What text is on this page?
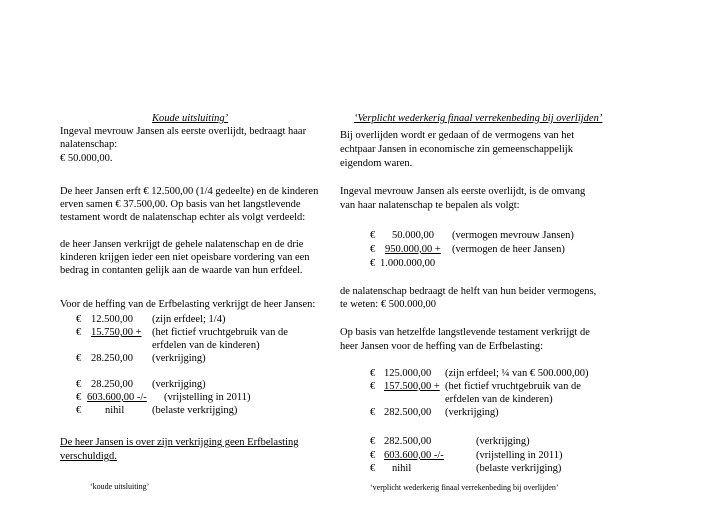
Koude uitsluiting’
Ingeval mevrouw Jansen als eerste overlijdt, bedraagt haar
nalatenschap:
€ 50.000,00.
De heer Jansen erft € 12.500,00 (1/4 gedeelte) en de kinderen
erven samen € 37.500,00. Op basis van het langstlevende
testament wordt de nalatenschap echter als volgt verdeeld:
de heer Jansen verkrijgt de gehele nalatenschap en de drie
kinderen krijgen ieder een niet opeisbare vordering van een
bedrag in contanten gelijk aan de waarde van hun erfdeel.
Voor de heffing van de Erfbelasting verkrijgt de heer Jansen:
€ 12.500,00 (zijn erfdeel; 1/4)
€ 15.750,00 + (het fictief vruchtgebruik van de
erfdelen van de kinderen)
€ 28.250,00 (verkrijging)
€ 28.250,00 (verkrijging)
€ 603.600,00 -/- (vrijstelling in 2011)
€ nihil	(belaste verkrijging)
De heer Jansen is over zijn verkrijging geen Erfbelasting
verschuldigd.
‘koude uitsluiting’
‘Verplicht wederkerig finaal verrekenbeding bij overlijden’
Bij overlijden wordt er gedaan of de vermogens van het
echtpaar Jansen in economische zin gemeenschappelijk
eigendom waren.
Ingeval mevrouw Jansen als eerste overlijdt, is de omvang
van haar nalatenschap te bepalen als volgt:
€ 50.000,00 (vermogen mevrouw Jansen)
€ 950.000,00 + (vermogen de heer Jansen)
€ 1.000.000,00
de nalatenschap bedraagt de helft van hun beider vermogens,
te weten: € 500.000,00
Op basis van hetzelfde langstlevende testament verkrijgt de
heer Jansen voor de heffing van de Erfbelasting:
€ 125.000,00 (zijn erfdeel; ¼ van € 500.000,00)
€ 157.500,00 + (het fictief vruchtgebruik van de
erfdelen van de kinderen)
€ 282.500,00 (verkrijging)
€ 282.500,00	(verkrijging)
€ 603.600,00 -/-	(vrijstelling in 2011)
€ nihil	(belaste verkrijging)
‘verplicht wederkerig finaal verrekenbeding bij overlijden’
